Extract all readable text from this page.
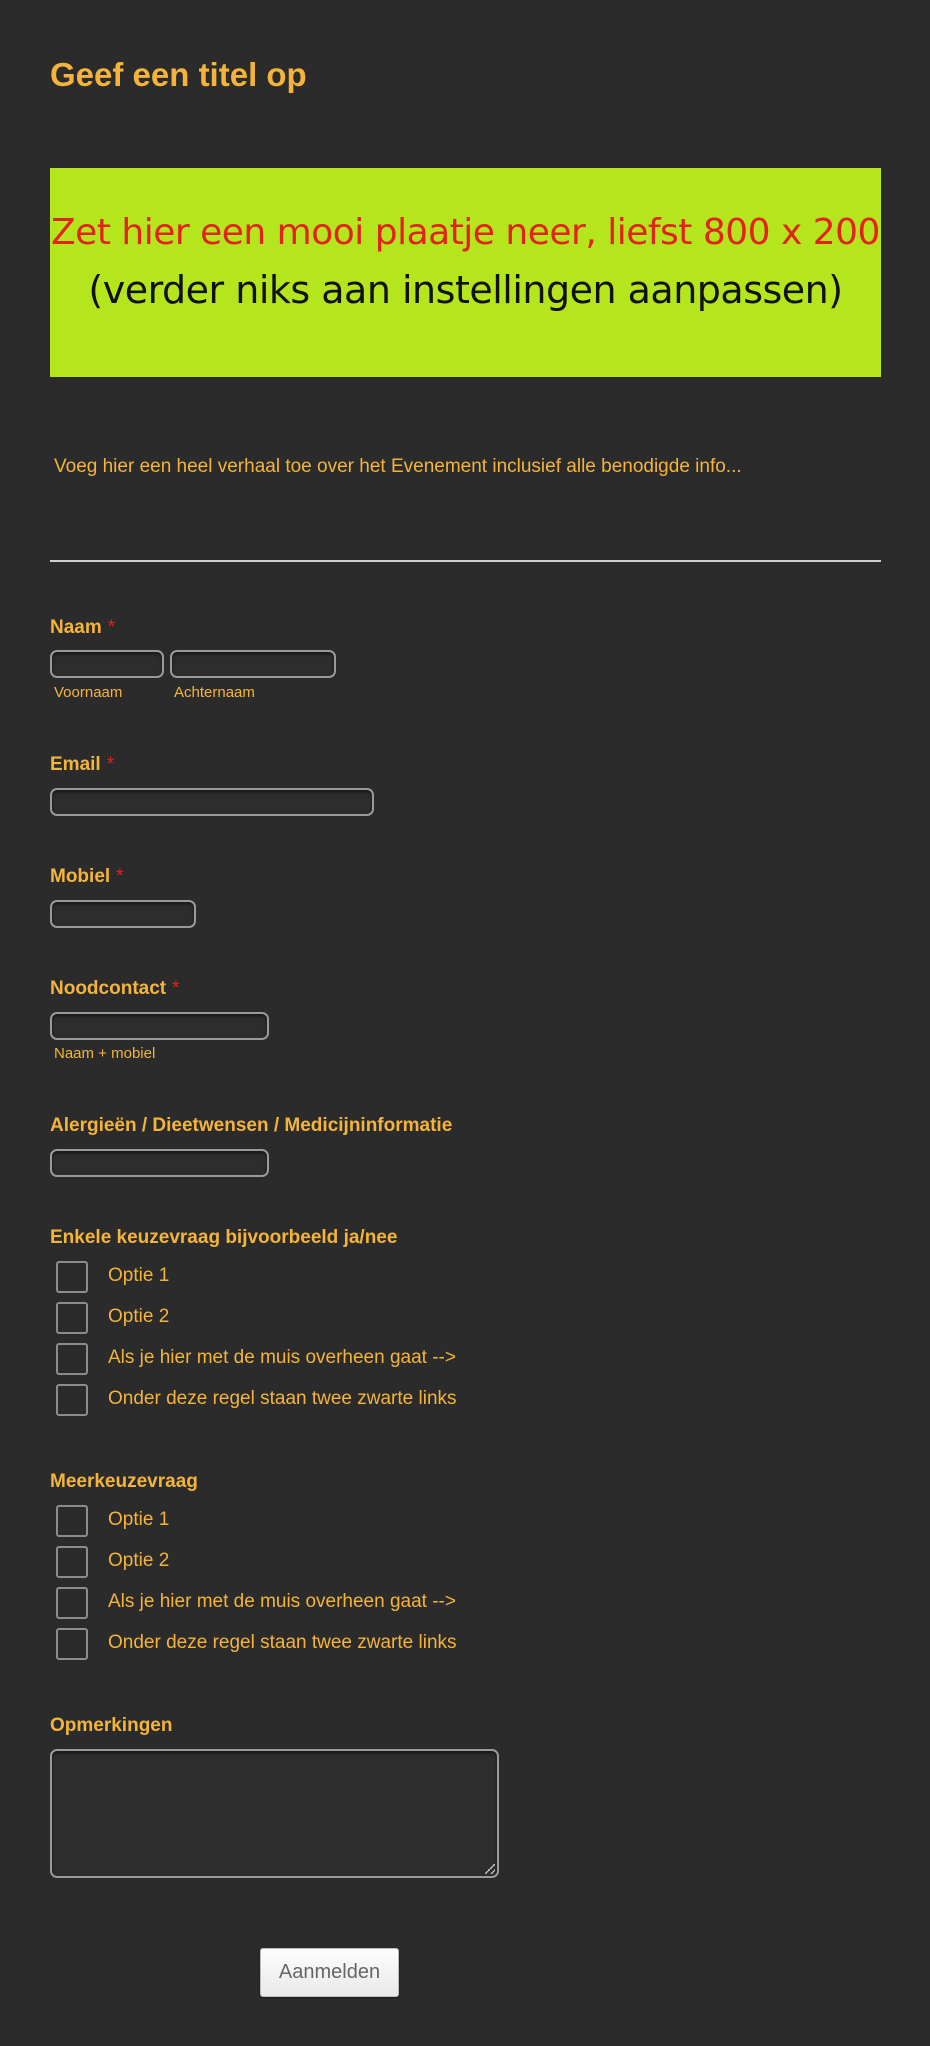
Geef een titel op
Zet hier een mooi plaatje neer, liefst 800 x 200
(verder niks aan instellingen aanpassen)
Voeg hier een heel verhaal toe over het Evenement inclusief alle benodigde info...
Naam *
Voornaam	Achternaam
Email *
Mobiel *
Noodcontact *
Naam + mobiel
Alergieën / Dieetwensen / Medicijninformatie
Enkele keuzevraag bijvoorbeeld ja/nee
Optie 1
Optie 2
Als je hier met de muis overheen gaat -->
Onder deze regel staan twee zwarte links
Meerkeuzevraag
Optie 1
Optie 2
Als je hier met de muis overheen gaat -->
Onder deze regel staan twee zwarte links
Opmerkingen
Aanmelden
